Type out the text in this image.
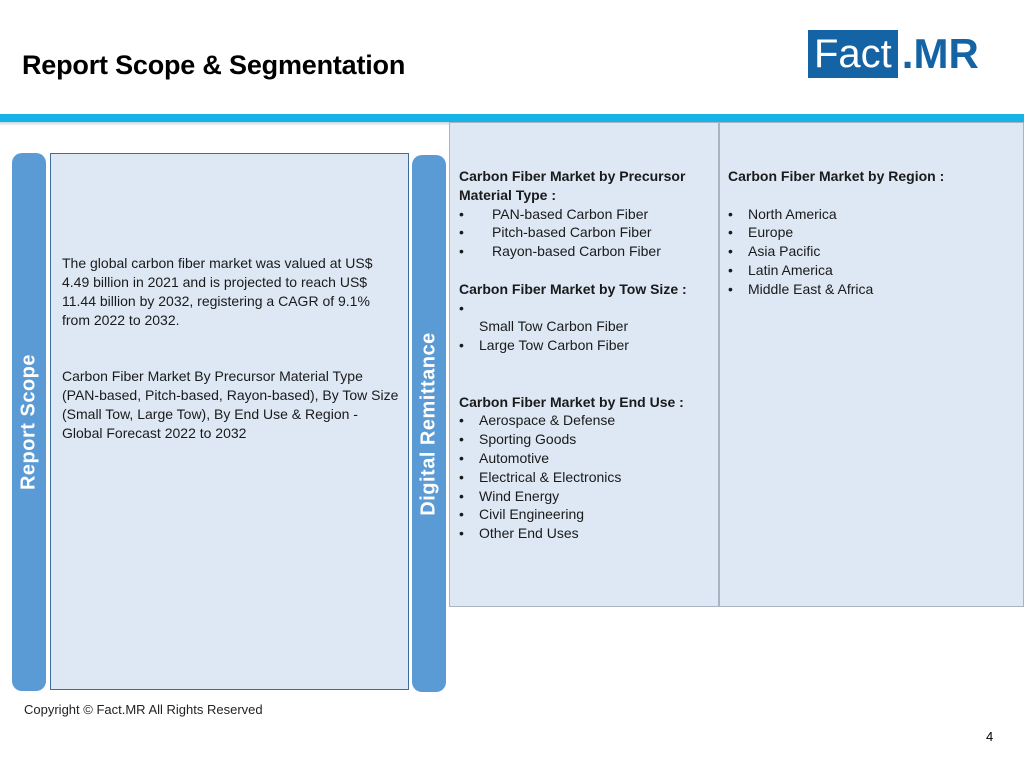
Report Scope & Segmentation	Fact .MR
Report Scope
The global carbon fiber market was valued at US$ 4.49 billion in 2021 and is projected to reach US$ 11.44 billion by 2032, registering a CAGR of 9.1% from 2022 to 2032.
Carbon Fiber Market By Precursor Material Type (PAN-based, Pitch-based, Rayon-based), By Tow Size (Small Tow, Large Tow), By End Use & Region - Global Forecast 2022 to 2032	Digital Remittance

Carbon Fiber Market by Precursor Material Type :

• PAN-based Carbon Fiber
• Pitch-based Carbon Fiber
• Rayon-based Carbon Fiber

Carbon Fiber Market by Tow Size :

•

Small Tow Carbon Fiber
• Large Tow Carbon Fiber

Carbon Fiber Market by End Use :

• Aerospace & Defense
• Sporting Goods
• Automotive
• Electrical & Electronics
• Wind Energy
• Civil Engineering
• Other End Uses

Carbon Fiber Market by Region :

• North America
• Europe
• Asia Pacific
• Latin America
• Middle East & Africa
Copyright © Fact.MR All Rights Reserved
4
